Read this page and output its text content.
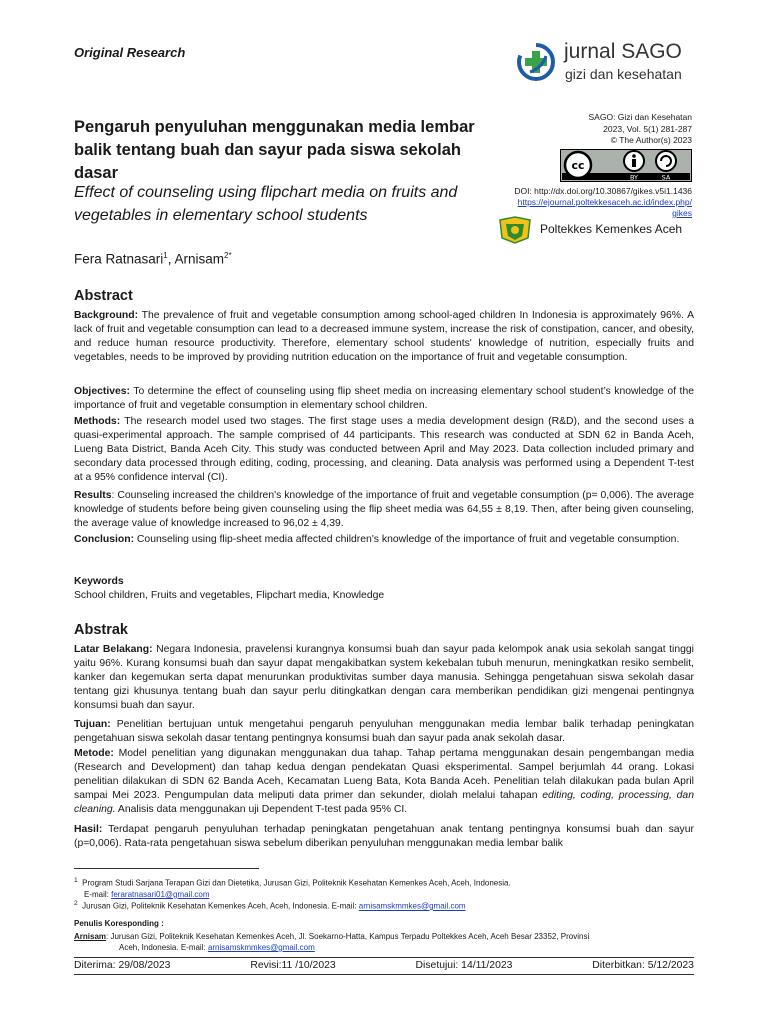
Original Research	jurnal SAGO
gizi dan kesehatan
Pengaruh penyuluhan menggunakan media lembar balik tentang buah dan sayur pada siswa sekolah dasar
Effect of counseling using flipchart media on fruits and vegetables in elementary school students
SAGO: Gizi dan Kesehatan
2023, Vol. 5(1) 281-287
© The Author(s) 2023
cc
BY	SA
DOI: http://dx.doi.org/10.30867/gikes.v5i1.1436
https://ejournal.poltekkesaceh.ac.id/index.php/
gikes
Poltekkes Kemenkes Aceh
Fera Ratnasari$^1$, Arnisam$^{2*}$
Abstract
Background: The prevalence of fruit and vegetable consumption among school-aged children In Indonesia is approximately 96%. A lack of fruit and vegetable consumption can lead to a decreased immune system, increase the risk of constipation, cancer, and obesity, and reduce human resource productivity. Therefore, elementary school students' knowledge of nutrition, especially fruits and vegetables, needs to be improved by providing nutrition education on the importance of fruit and vegetable consumption.
Objectives: To determine the effect of counseling using flip sheet media on increasing elementary school student’s knowledge of the importance of fruit and vegetable consumption in elementary school children.
Methods: The research model used two stages. The first stage uses a media development design (R&D), and the second uses a quasi-experimental approach. The sample comprised of 44 participants. This research was conducted at SDN 62 in Banda Aceh, Lueng Bata District, Banda Aceh City. This study was conducted between April and May 2023. Data collection included primary and secondary data processed through editing, coding, processing, and cleaning. Data analysis was performed using a Dependent T-test at a 95% confidence interval (CI).
Results: Counseling increased the children's knowledge of the importance of fruit and vegetable consumption (p= 0,006). The average knowledge of students before being given counseling using the flip sheet media was 64,55 ± 8,19. Then, after being given counseling, the average value of knowledge increased to 96,02 ± 4,39.
Conclusion: Counseling using flip-sheet media affected children's knowledge of the importance of fruit and vegetable consumption.
Keywords
School children, Fruits and vegetables, Flipchart media, Knowledge
Abstrak
Latar Belakang: Negara Indonesia, pravelensi kurangnya konsumsi buah dan sayur pada kelompok anak usia sekolah sangat tinggi yaitu 96%. Kurang konsumsi buah dan sayur dapat mengakibatkan system kekebalan tubuh menurun, meningkatkan resiko sembelit, kanker dan kegemukan serta dapat menurunkan produktivitas sumber daya manusia. Sehingga pengetahuan siswa sekolah dasar tentang gizi khusunya tentang buah dan sayur perlu ditingkatkan dengan cara memberikan pendidikan gizi mengenai pentingnya konsumsi buah dan sayur.
Tujuan: Penelitian bertujuan untuk mengetahui pengaruh penyuluhan menggunakan media lembar balik terhadap peningkatan pengetahuan siswa sekolah dasar tentang pentingnya konsumsi buah dan sayur pada anak sekolah dasar.
Metode: Model penelitian yang digunakan menggunakan dua tahap. Tahap pertama menggunakan desain pengembangan media (Research and Development) dan tahap kedua dengan pendekatan Quasi eksperimental. Sampel berjumlah 44 orang. Lokasi penelitian dilakukan di SDN 62 Banda Aceh, Kecamatan Lueng Bata, Kota Banda Aceh. Penelitian telah dilakukan pada bulan April sampai Mei 2023. Pengumpulan data meliputi data primer dan sekunder, diolah melalui tahapan editing, coding, processing, dan cleaning. Analisis data menggunakan uji Dependent T-test pada 95% CI.
Hasil: Terdapat pengaruh penyuluhan terhadap peningkatan pengetahuan anak tentang pentingnya konsumsi buah dan sayur (p=0,006). Rata-rata pengetahuan siswa sebelum diberikan penyuluhan menggunakan media lembar balik
$^1$ Program Studi Sarjana Terapan Gizi dan Dietetika, Jurusan Gizi, Politeknik Kesehatan Kemenkes Aceh, Aceh, Indonesia.
E-mail: feraratnasari01@gmail.com
$^2$ Jurusan Gizi, Politeknik Kesehatan Kemenkes Aceh, Aceh, Indonesia. E-mail: arnisamskmmkes@gmail.com
Penulis Koresponding :
Arnisam: Jurusan Gizi, Politeknik Kesehatan Kemenkes Aceh, Jl. Soekarno-Hatta, Kampus Terpadu Poltekkes Aceh, Aceh Besar 23352, Provinsi
Aceh, Indonesia. E-mail: arnisamskmmkes@gmail.com
Diterima: 29/08/2023	Revisi:11 /10/2023	Disetujui: 14/11/2023	Diterbitkan: 5/12/2023
